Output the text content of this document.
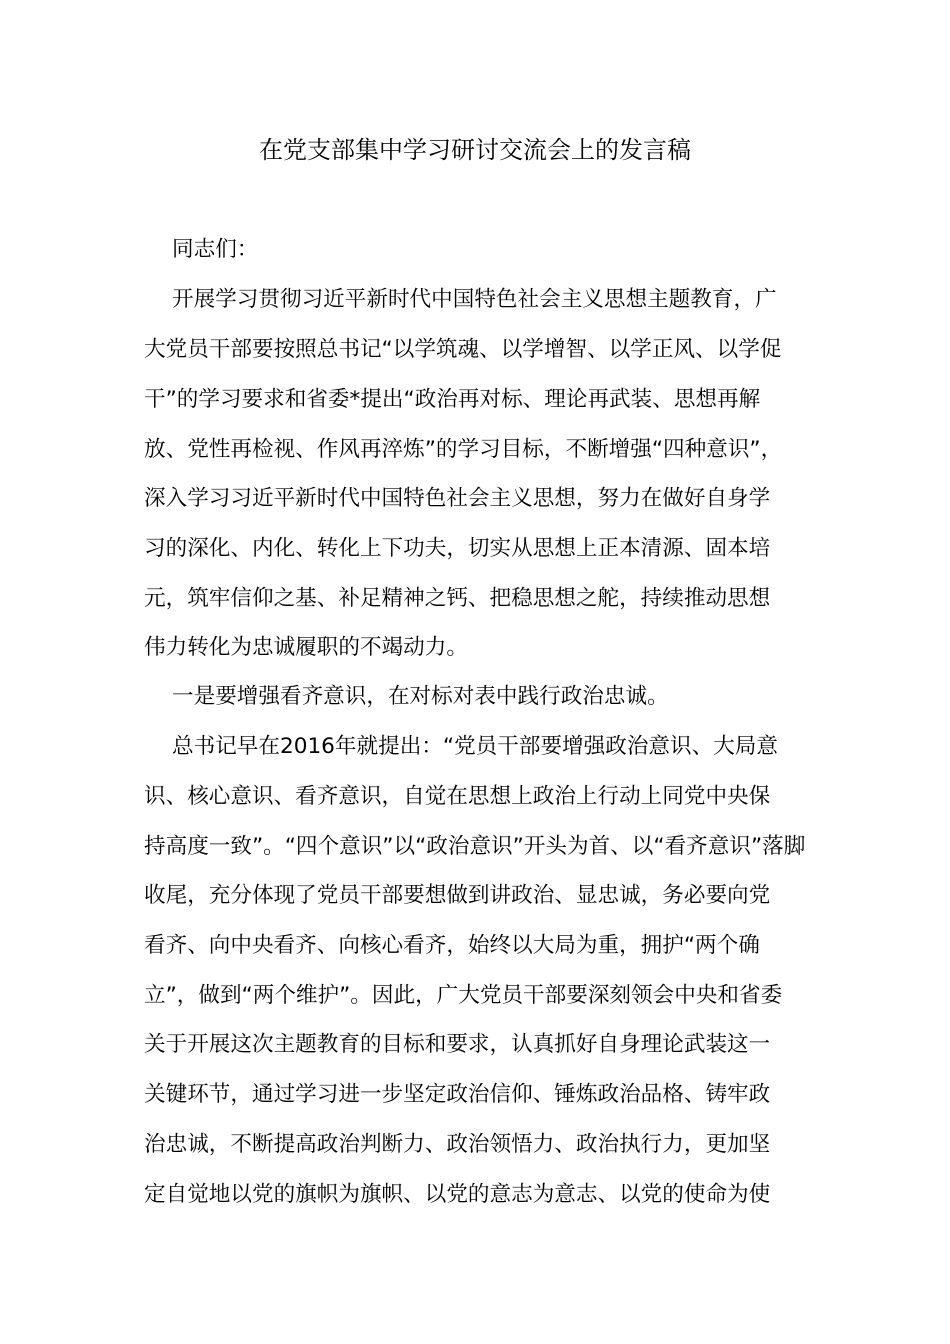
在党支部集中学习研讨交流会上的发言稿
同志们：
开展学习贯彻习近平新时代中国特色社会主义思想主题教育，广
大党员干部要按照总书记“以学筑魂、以学增智、以学正风、以学促
干”的学习要求和省委*提出“政治再对标、理论再武装、思想再解
放、党性再检视、作风再淬炼”的学习目标，不断增强“四种意识”，
深入学习习近平新时代中国特色社会主义思想，努力在做好自身学
习的深化、内化、转化上下功夫，切实从思想上正本清源、固本培
元，筑牢信仰之基、补足精神之钙、把稳思想之舵，持续推动思想
伟力转化为忠诚履职的不竭动力。
一是要增强看齐意识，在对标对表中践行政治忠诚。
总书记早在2016年就提出：“党员干部要增强政治意识、大局意
识、核心意识、看齐意识，自觉在思想上政治上行动上同党中央保
持高度一致”。“四个意识”以“政治意识”开头为首、以“看齐意识”落脚
收尾，充分体现了党员干部要想做到讲政治、显忠诚，务必要向党
看齐、向中央看齐、向核心看齐，始终以大局为重，拥护“两个确
立”，做到“两个维护”。因此，广大党员干部要深刻领会中央和省委
关于开展这次主题教育的目标和要求，认真抓好自身理论武装这一
关键环节，通过学习进一步坚定政治信仰、锤炼政治品格、铸牢政
治忠诚，不断提高政治判断力、政治领悟力、政治执行力，更加坚
定自觉地以党的旗帜为旗帜、以党的意志为意志、以党的使命为使
